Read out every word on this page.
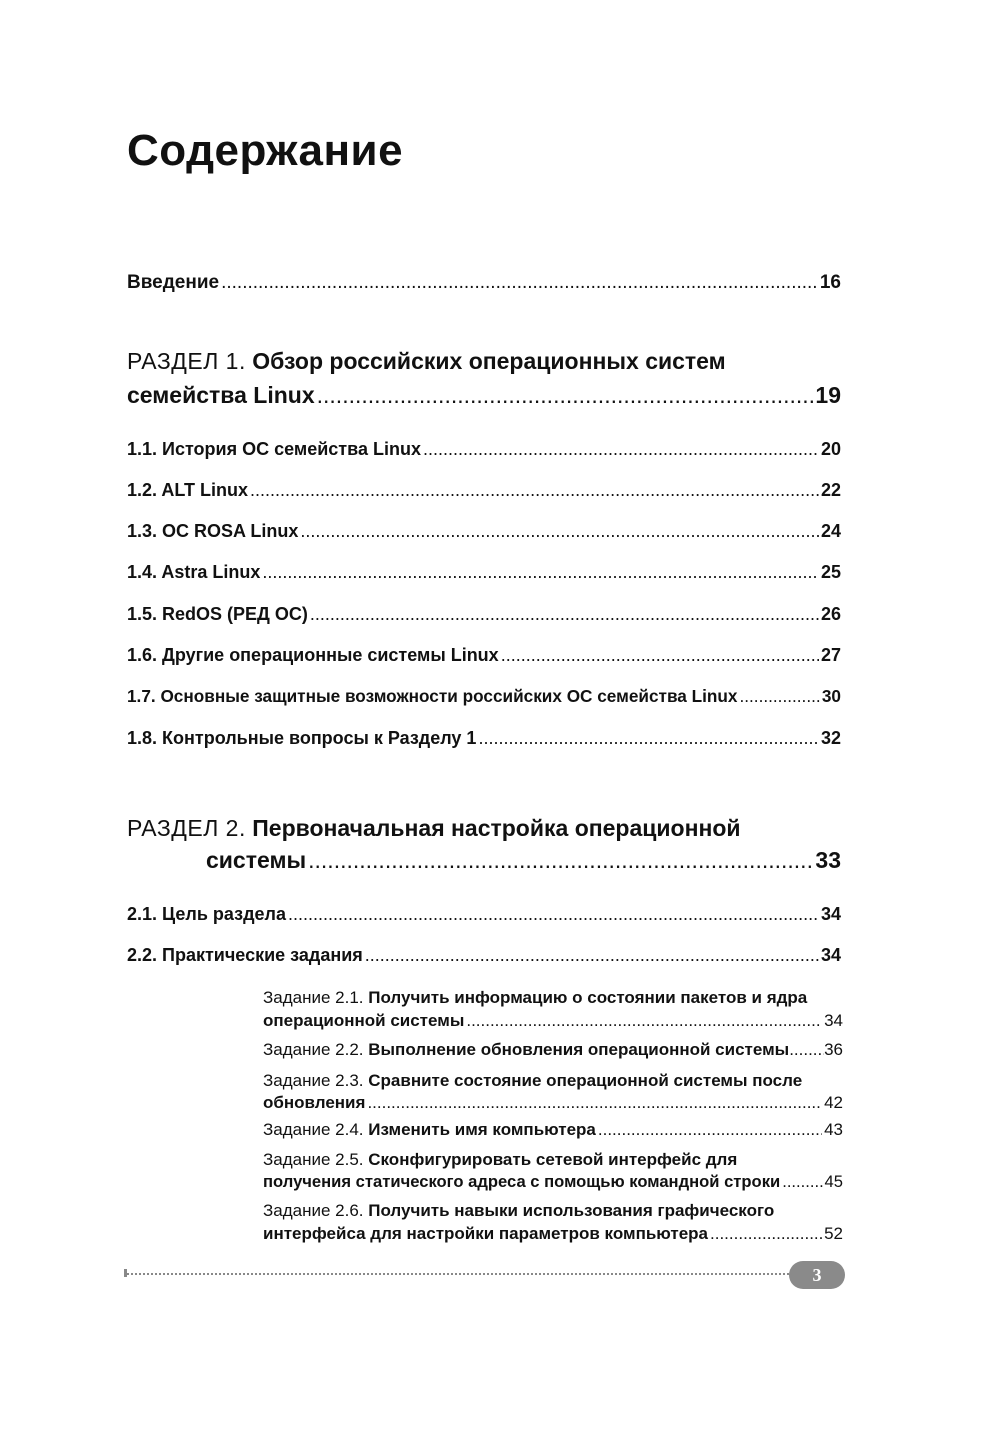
Содержание
Введение .....	16
РАЗДЕЛ 1. Обзор российских операционных систем
семейства Linux .....	19
1.1. История ОС семейства Linux .....	20
1.2. ALT Linux .....	22
1.3. ОС ROSA Linux .....	24
1.4. Astra Linux .....	25
1.5. RedOS (РЕД ОС) .....	26
1.6. Другие операционные системы Linux .....	27
1.7. Основные защитные возможности российских ОС семейства Linux .....	30
1.8. Контрольные вопросы к Разделу 1 .....	32
РАЗДЕЛ 2. Первоначальная настройка операционной
системы .....	33
2.1. Цель раздела .....	34
2.2. Практические задания .....	34
Задание 2.1. Получить информацию о состоянии пакетов и ядра
операционной системы .....	34
Задание 2.2. Выполнение обновления операционной системы ..... 36
Задание 2.3. Сравните состояние операционной системы после
обновления .....	42
Задание 2.4. Изменить имя компьютера .....	43
Задание 2.5. Сконфигурировать сетевой интерфейс для
получения статического адреса с помощью командной строки .....	45
Задание 2.6. Получить навыки использования графического
интерфейса для настройки параметров компьютера .....	52
3
